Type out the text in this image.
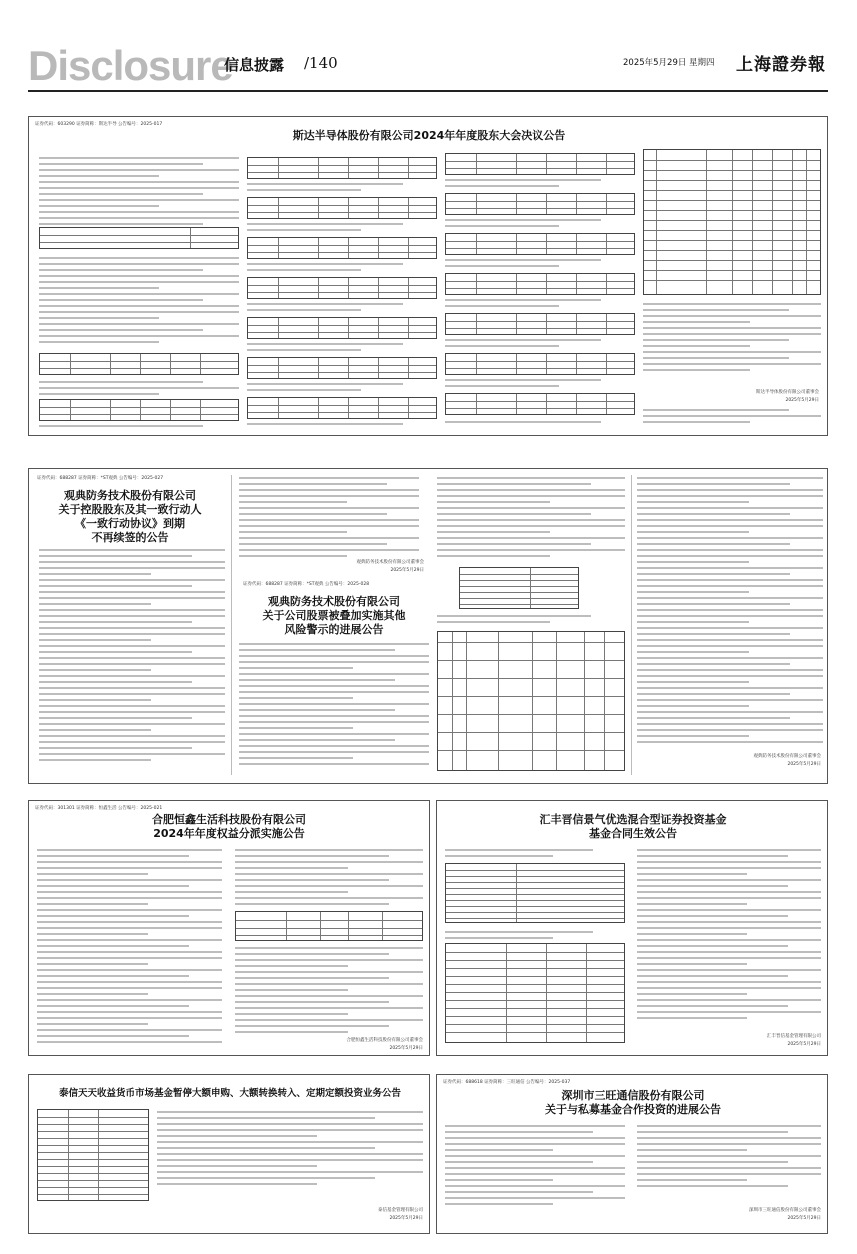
Disclosure
信息披露 /140	2025年5月29日 星期四 上海證券報
证券代码：603290 证券简称：斯达半导 公告编号：2025-017
斯达半导体股份有限公司2024年年度股东大会决议公告
斯达半导体股份有限公司董事会
2025年5月29日
证券代码：688287 证券简称：*ST观典 公告编号：2025-027
观典防务技术股份有限公司
关于控股股东及其一致行动人
《一致行动协议》到期
不再续签的公告
观典防务技术股份有限公司董事会
2025年5月29日
证券代码：688287 证券简称：*ST观典 公告编号：2025-028
观典防务技术股份有限公司
关于公司股票被叠加实施其他
风险警示的进展公告
观典防务技术股份有限公司董事会
2025年5月29日
证券代码：301301 证券简称：恒鑫生活 公告编号：2025-021
合肥恒鑫生活科技股份有限公司
2024年年度权益分派实施公告
合肥恒鑫生活科技股份有限公司董事会
2025年5月29日
汇丰晋信景气优选混合型证券投资基金
基金合同生效公告
汇丰晋信基金管理有限公司
2025年5月29日
泰信天天收益货币市场基金暂停大额申购、大额转换转入、定期定额投资业务公告
泰信基金管理有限公司
2025年5月29日
证券代码：688618 证券简称：三旺通信 公告编号：2025-037
深圳市三旺通信股份有限公司
关于与私募基金合作投资的进展公告
深圳市三旺通信股份有限公司董事会
2025年5月29日
